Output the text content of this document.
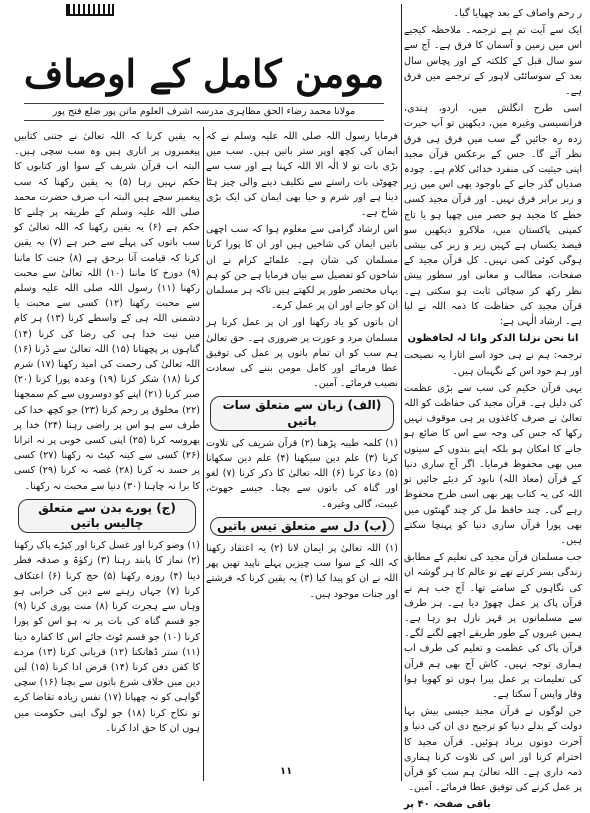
مومن کامل کے اوصاف
مولانا محمد رضاء الحق مظاہری مدرسہ اشرف العلوم ماتن پور ضلع فتح پور

ر رحم واصاف کے بعد چھپایا گیا۔

ایک سے آیت تم ہے ترجمہ۔ ملاحظہ کیجیے اس میں زمین و آسمان کا فرق ہے۔ آج سے سو سال قبل کے کلکتہ کے اور پچاس سال بعد کے سوسائٹی لاہور کے ترجمے میں فرق ہے۔

اسی طرح انگلش میں، اردو، ہندی، فرانسیسی وغیرہ میں، دیکھیں تو آپ حیرت زدہ رہ جائیں گے سب میں فرق ہی فرق نظر آئے گا۔ جس کے برعکس قرآن مجید اپنی حیثیت کی منفرد خدائی کلام ہے۔ چودہ صدیاں گذر جانے کے باوجود بھی اس میں زیر و زبر برابر فرق نہیں۔ اور قرآن مجید کسی خطے کا مجید ہو حصر میں چھپا ہو یا تاج کمپنی پاکستان میں، ملاکرو دیکھیں سو فیصد یکساں ہے کہیں زیر و زبر کی بیشی ہوگی کوئی کمی نہیں۔ کل قرآن مجید کے صفحات، مطالب و معانی اور سطور پیش نظر رکھ کر سچائی ثابت ہو سکتی ہے۔ قرآن مجید کی حفاظت کا ذمہ اللہ نے لیا ہے۔ ارشاد الٰہی ہے:

انا نحن نزلنا الذکر وانا لہ لحافظون

ترجمہ: ہم نے ہی خود اسے اتارا یہ نصیحت اور ہم خود اس کے نگہبان ہیں۔

یہی قرآن حکیم کی سب سے بڑی عظمت کی دلیل ہے۔ قرآن مجید کی حفاظت کو اللہ تعالیٰ نے صرف کاغذوں پر ہی موقوف نہیں رکھا کہ جس کی وجہ سے اس کا ضائع ہو جانے کا امکان ہو بلکہ اپنے بندوں کے سینوں میں بھی محفوظ فرمایا۔ اگر آج ساری دنیا کے قرآن (معاذ اللہ) نابود کر دیئے جائیں تو اللہ کی یہ کتاب پھر بھی اسی طرح محفوظ رہے گی۔ چند حافظ مل کر چند گھنٹوں میں بھی پورا قرآن ساری دنیا کو پہنچا سکتے ہیں۔

جب مسلمان قرآن مجید کی تعلیم کے مطابق زندگی بسر کرتے تھے تو عالم کا ہر گوشہ ان کی نگاہوں کے سامنے تھا۔ آج جب ہم نے قرآن پاک پر عمل چھوڑ دیا ہے۔ ہر طرف سے مسلمانوں پر قہر نازل ہو رہا ہے۔ ہمیں غیروں کے طور طریقے اچھے لگنے لگے۔ قرآن پاک کی عظمت و تعلیم کی طرف اب ہماری توجہ نہیں۔ کاش آج بھی ہم قرآن کی تعلیمات پر عمل پیرا ہوں تو کھویا ہوا وقار واپس آ سکتا ہے۔

جن لوگوں نے قرآن مجید جیسی بیش بہا دولت کے بدلے دنیا کو ترجیح دی ان کی دنیا و آخرت دونوں برباد ہوئیں۔ قرآن مجید کا احترام کرنا اور اس کی تلاوت کرنا ہماری ذمہ داری ہے۔ اللہ تعالیٰ ہم سب کو قرآن پر عمل کرنے کی توفیق عطا فرمائے۔ آمین۔

باقی صفحہ ۴۰ پر

فرمایا رسول اللہ صلی اللہ علیہ وسلم نے کہ ایمان کی کچھ اوپر ستر باتیں ہیں۔ سب میں بڑی بات تو لا الٰہ الا اللہ کہنا ہے اور سب سے چھوٹی بات راستے سے تکلیف دینے والی چیز ہٹا دینا ہے اور شرم و حیا بھی ایمان کی ایک بڑی شاخ ہے۔

اس ارشاد گرامی سے معلوم ہوا کہ سب اچھی باتیں ایمان کی شاخیں ہیں اور ان کا پورا کرنا مسلمان کی شان ہے۔ علمائے کرام نے ان شاخوں کو تفصیل سے بیان فرمایا ہے جن کو ہم یہاں مختصر طور پر لکھتے ہیں تاکہ ہر مسلمان ان کو جانے اور ان پر عمل کرے۔

ان باتوں کو یاد رکھنا اور ان پر عمل کرنا ہر مسلمان مرد و عورت پر ضروری ہے۔ حق تعالیٰ ہم سب کو ان تمام باتوں پر عمل کی توفیق عطا فرمائے اور کامل مومن بننے کی سعادت نصیب فرمائے۔ آمین۔

(الف) زبان سے متعلق سات باتیں

(۱) کلمہ طیبہ پڑھنا (۲) قرآن شریف کی تلاوت کرنا (۳) علم دین سیکھنا (۴) علم دین سکھانا (۵) دعا کرنا (۶) اللہ تعالیٰ کا ذکر کرنا (۷) لغو اور گناہ کی باتوں سے بچنا۔ جیسے جھوٹ، غیبت، گالی وغیرہ۔

(ب) دل سے متعلق تیس باتیں

(۱) اللہ تعالیٰ پر ایمان لانا (۲) یہ اعتقاد رکھنا کہ اللہ کے سوا سب چیزیں پہلے ناپید تھیں پھر اللہ نے ان کو پیدا کیا (۳) یہ یقین کرنا کہ فرشتے اور جنات موجود ہیں۔

یہ یقین کرنا کہ اللہ تعالیٰ نے جتنی کتابیں پیغمبروں پر اتاری ہیں وہ سب سچی ہیں۔ البتہ اب قرآن شریف کے سوا اور کتابوں کا حکم نہیں رہا (۵) یہ یقین رکھنا کہ سب پیغمبر سچے ہیں البتہ اب صرف حضرت محمد صلی اللہ علیہ وسلم کے طریقہ پر چلنے کا حکم ہے (۶) یہ یقین رکھنا کہ اللہ تعالیٰ کو سب باتوں کی پہلے سے خبر ہے (۷) یہ یقین کرنا کہ قیامت آنا برحق ہے (۸) جنت کا ماننا (۹) دوزخ کا ماننا (۱۰) اللہ تعالیٰ سے محبت رکھنا (۱۱) رسول اللہ صلی اللہ علیہ وسلم سے محبت رکھنا (۱۲) کسی سے محبت یا دشمنی اللہ ہی کے واسطے کرنا (۱۳) ہر کام میں نیت خدا ہی کی رضا کی کرنا (۱۴) گناہوں پر پچھتانا (۱۵) اللہ تعالیٰ سے ڈرنا (۱۶) اللہ تعالیٰ کی رحمت کی امید رکھنا (۱۷) شرم کرنا (۱۸) شکر کرنا (۱۹) وعدہ پورا کرنا (۲۰) صبر کرنا (۲۱) اپنے کو دوسروں سے کم سمجھنا (۲۲) مخلوق پر رحم کرنا (۲۳) جو کچھ خدا کی طرف سے ہو اس پر راضی رہنا (۲۴) خدا پر بھروسہ کرنا (۲۵) اپنی کسی خوبی پر نہ اترانا (۲۶) کسی سے کینہ کپٹ نہ رکھنا (۲۷) کسی پر حسد نہ کرنا (۲۸) غصہ نہ کرنا (۲۹) کسی کا برا نہ چاہنا (۳۰) دنیا سے محبت نہ رکھنا۔

(ج) پورے بدن سے متعلق چالیس باتیں

(۱) وضو کرنا اور غسل کرنا اور کپڑے پاک رکھنا (۲) نماز کا پابند رہنا (۳) زکوٰۃ و صدقہ فطر دینا (۴) روزہ رکھنا (۵) حج کرنا (۶) اعتکاف کرنا (۷) جہاں رہنے سے دین کی خرابی ہو وہاں سے ہجرت کرنا (۸) منت پوری کرنا (۹) جو قسم گناہ کی بات پر نہ ہو اس کو پورا کرنا (۱۰) جو قسم ٹوٹ جائے اس کا کفارہ دینا (۱۱) ستر ڈھانکنا (۱۲) قربانی کرنا (۱۳) مردے کا کفن دفن کرنا (۱۴) قرض ادا کرنا (۱۵) لین دین میں خلاف شرع باتوں سے بچنا (۱۶) سچی گواہی کو نہ چھپانا (۱۷) نفس زیادہ تقاضا کرے تو نکاح کرنا (۱۸) جو لوگ اپنی حکومت میں ہوں ان کا حق ادا کرنا۔

۱۱
